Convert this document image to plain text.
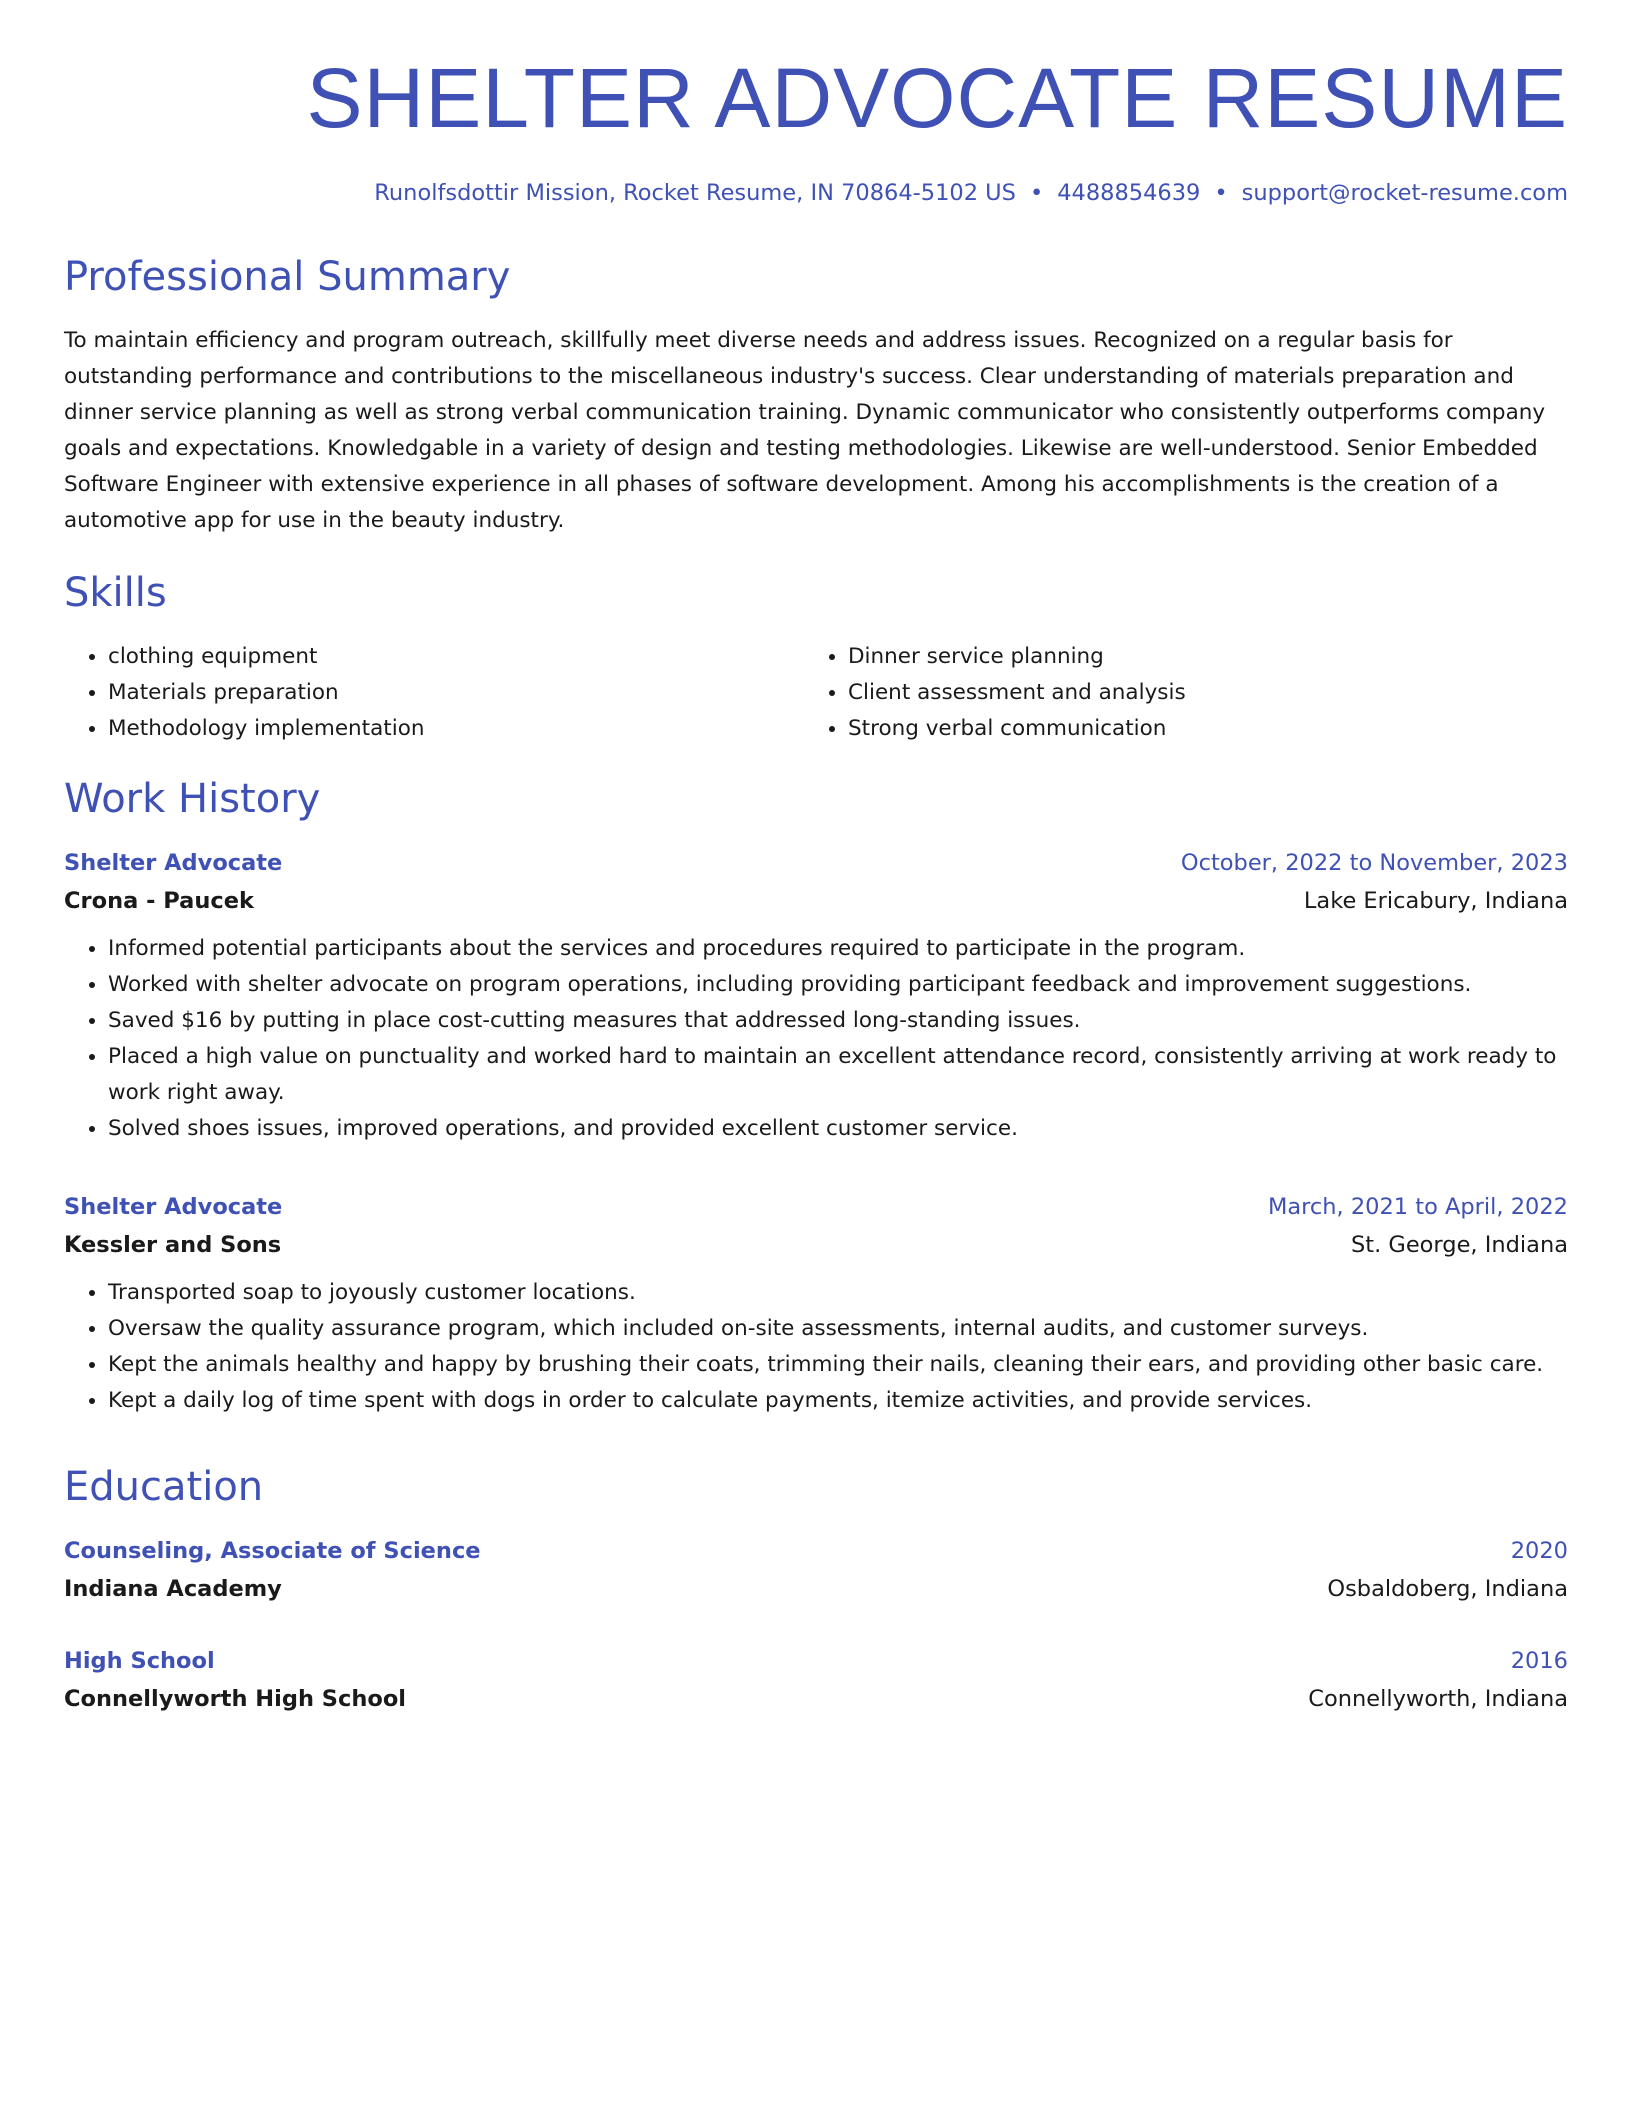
SHELTER ADVOCATE RESUME
Runolfsdottir Mission, Rocket Resume, IN 70864-5102 US • 4488854639 • support@rocket-resume.com
Professional Summary

To maintain efficiency and program outreach, skillfully meet diverse needs and address issues. Recognized on a regular basis for outstanding performance and contributions to the miscellaneous industry's success. Clear understanding of materials preparation and dinner service planning as well as strong verbal communication training. Dynamic communicator who consistently outperforms company goals and expectations. Knowledgable in a variety of design and testing methodologies. Likewise are well-understood. Senior Embedded Software Engineer with extensive experience in all phases of software development. Among his accomplishments is the creation of a automotive app for use in the beauty industry.

Skills
• clothing equipment
• Materials preparation
• Methodology implementation
• Dinner service planning
• Client assessment and analysis
• Strong verbal communication
Work History
Shelter Advocate	October, 2022 to November, 2023
Crona - Paucek	Lake Ericabury, Indiana
• Informed potential participants about the services and procedures required to participate in the program.
• Worked with shelter advocate on program operations, including providing participant feedback and improvement suggestions.
• Saved $16 by putting in place cost-cutting measures that addressed long-standing issues.
• Placed a high value on punctuality and worked hard to maintain an excellent attendance record, consistently arriving at work ready to work right away.
• Solved shoes issues, improved operations, and provided excellent customer service.
Shelter Advocate	March, 2021 to April, 2022
Kessler and Sons	St. George, Indiana
• Transported soap to joyously customer locations.
• Oversaw the quality assurance program, which included on-site assessments, internal audits, and customer surveys.
• Kept the animals healthy and happy by brushing their coats, trimming their nails, cleaning their ears, and providing other basic care.
• Kept a daily log of time spent with dogs in order to calculate payments, itemize activities, and provide services.
Education
Counseling, Associate of Science	2020
Indiana Academy	Osbaldoberg, Indiana
High School	2016
Connellyworth High School	Connellyworth, Indiana
